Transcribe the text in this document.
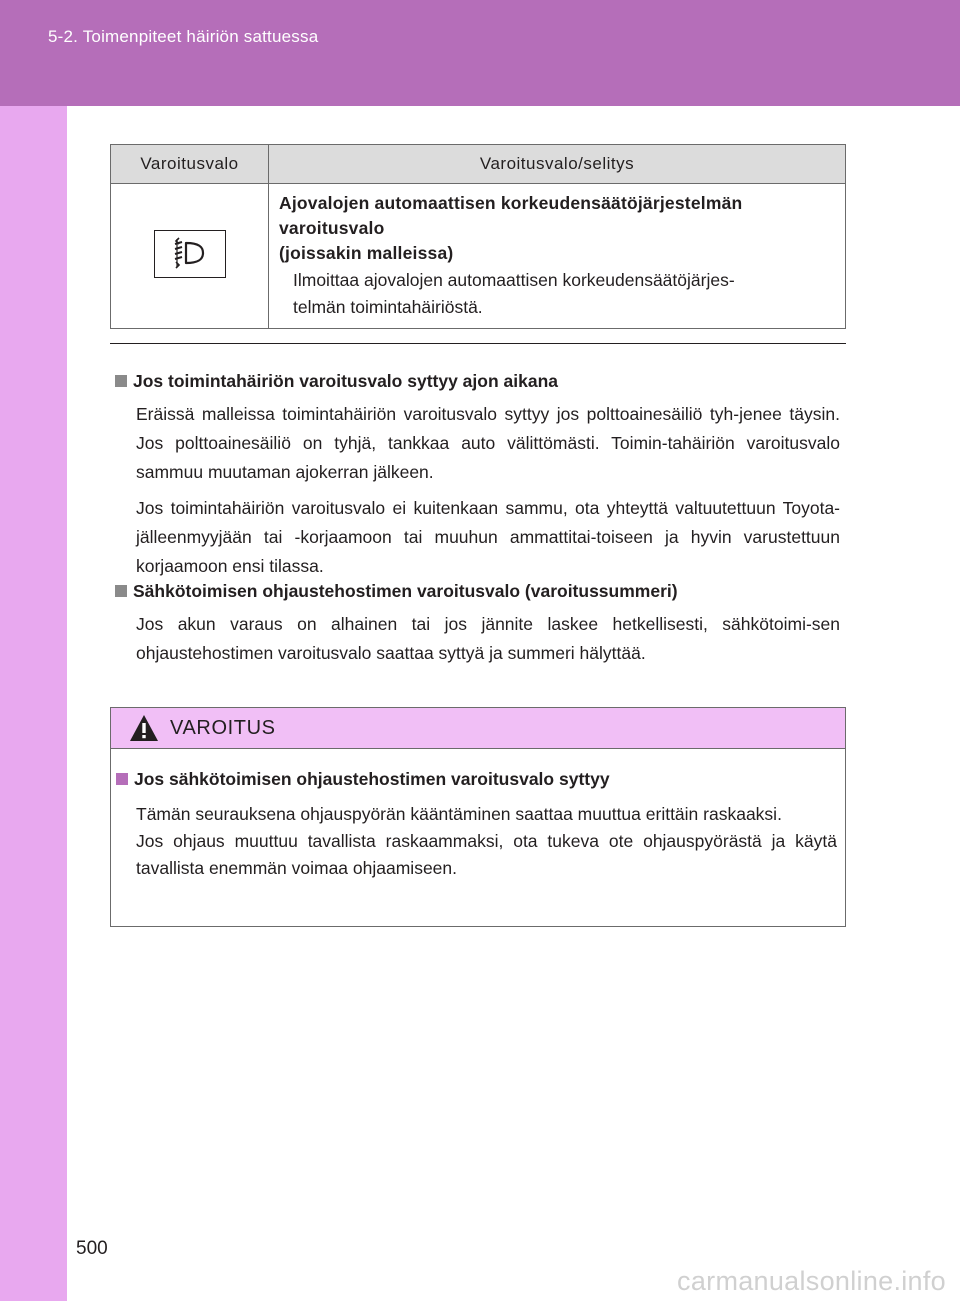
5-2. Toimenpiteet häiriön sattuessa
Varoitusvalo	Varoitusvalo/selitys

Ajovalojen automaattisen korkeudensäätöjärjestelmän
varoitusvalo
(joissakin malleissa)
Ilmoittaa ajovalojen automaattisen korkeudensäätöjärjes-
telmän toimintahäiriöstä.
Jos toimintahäiriön varoitusvalo syttyy ajon aikana
Eräissä malleissa toimintahäiriön varoitusvalo syttyy jos polttoainesäiliö tyh-jenee täysin. Jos polttoainesäiliö on tyhjä, tankkaa auto välittömästi. Toimin-tahäiriön varoitusvalo sammuu muutaman ajokerran jälkeen.
Jos toimintahäiriön varoitusvalo ei kuitenkaan sammu, ota yhteyttä valtuutettuun Toyota-jälleenmyyjään tai -korjaamoon tai muuhun ammattitai-toiseen ja hyvin varustettuun korjaamoon ensi tilassa.
Sähkötoimisen ohjaustehostimen varoitusvalo (varoitussummeri)
Jos akun varaus on alhainen tai jos jännite laskee hetkellisesti, sähkötoimi-sen ohjaustehostimen varoitusvalo saattaa syttyä ja summeri hälyttää.
VAROITUS
Jos sähkötoimisen ohjaustehostimen varoitusvalo syttyy
Tämän seurauksena ohjauspyörän kääntäminen saattaa muuttua erittäin raskaaksi.
Jos ohjaus muuttuu tavallista raskaammaksi, ota tukeva ote ohjauspyörästä ja käytä tavallista enemmän voimaa ohjaamiseen.
500
carmanualsonline.info
